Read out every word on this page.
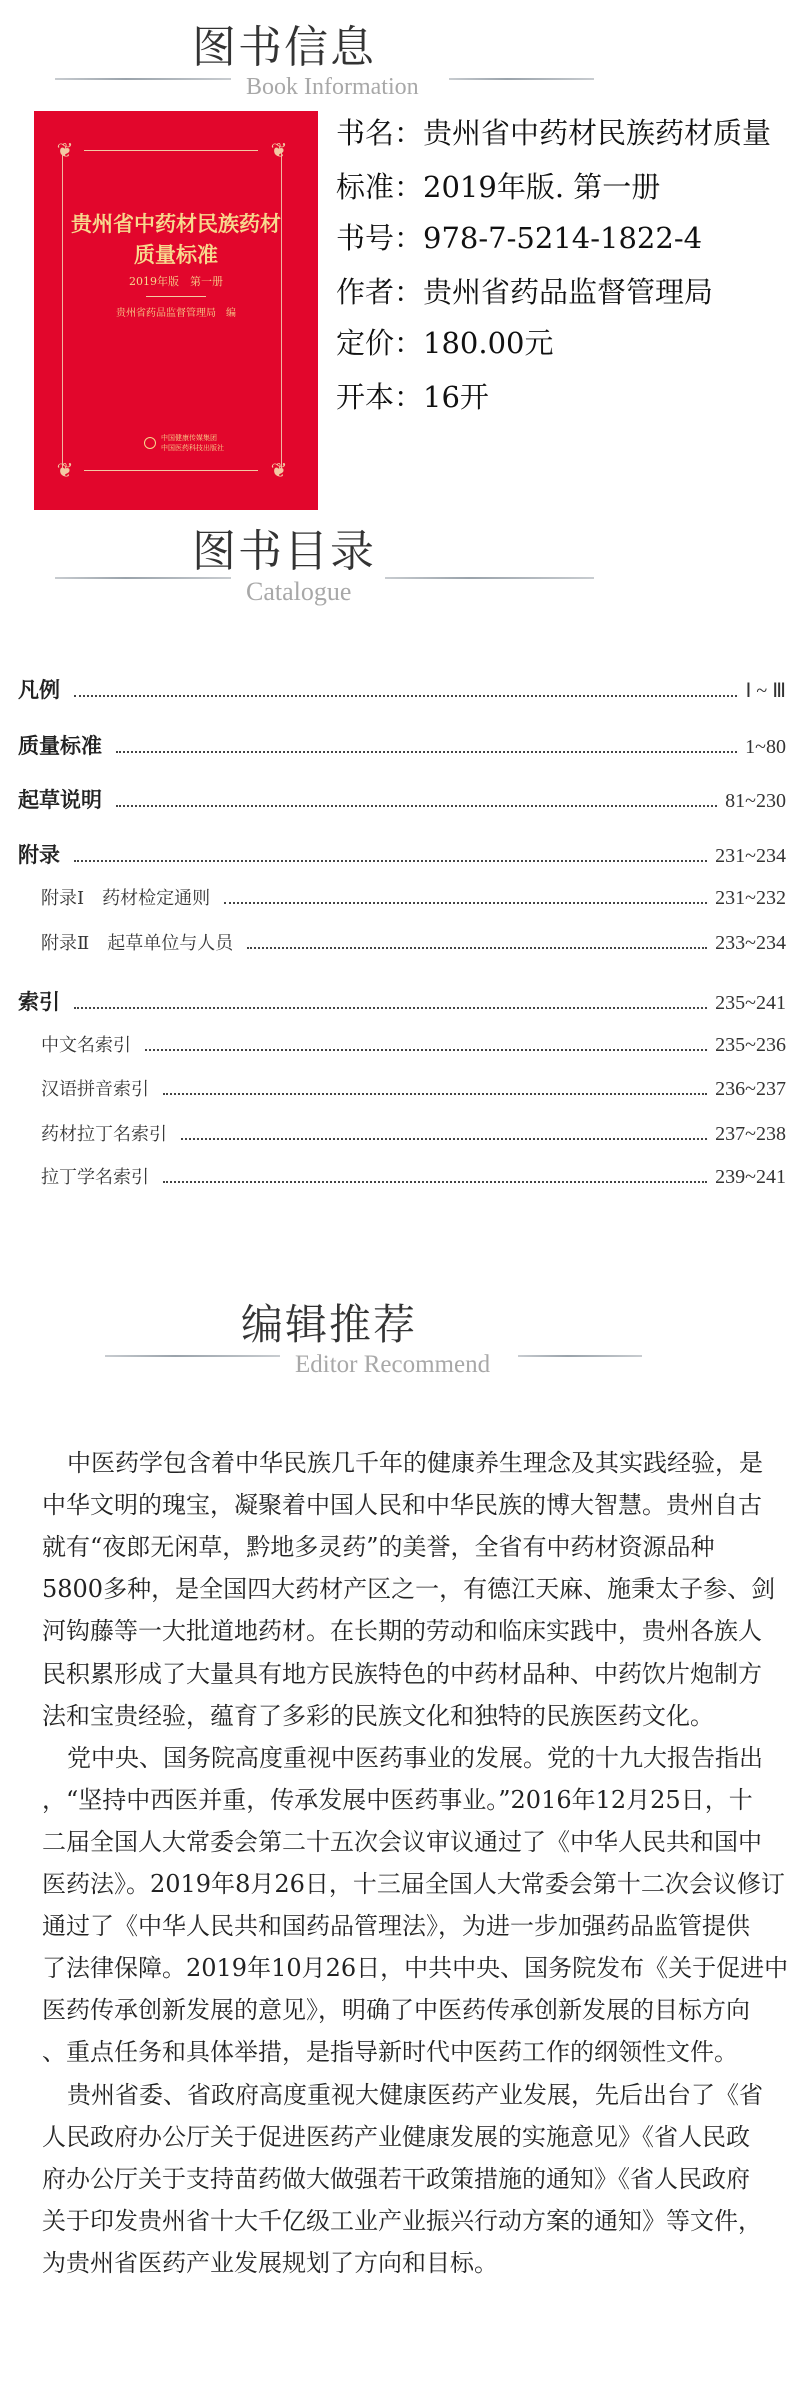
图书信息
Book Information
❦	❦
❦	❦
贵州省中药材民族药材
质量标准
2019年版　第一册
贵州省药品监督管理局　编
中国健康传媒集团
中国医药科技出版社
书名：贵州省中药材民族药材质量
标准：2019年版. 第一册
书号：978-7-5214-1822-4
作者：贵州省药品监督管理局
定价：180.00元
开本：16开
图书目录
Catalogue
凡例	Ⅰ ~ Ⅲ
质量标准	1~80
起草说明	81~230
附录	231~234
附录Ⅰ　药材检定通则	231~232
附录Ⅱ　起草单位与人员	233~234
索引	235~241
中文名索引	235~236
汉语拼音索引	236~237
药材拉丁名索引	237~238
拉丁学名索引	239~241
编辑推荐
Editor Recommend
中医药学包含着中华民族几千年的健康养生理念及其实践经验，是
中华文明的瑰宝，凝聚着中国人民和中华民族的博大智慧。贵州自古
就有“夜郎无闲草，黔地多灵药”的美誉，全省有中药材资源品种
5800多种，是全国四大药材产区之一，有德江天麻、施秉太子参、剑
河钩藤等一大批道地药材。在长期的劳动和临床实践中，贵州各族人
民积累形成了大量具有地方民族特色的中药材品种、中药饮片炮制方
法和宝贵经验，蕴育了多彩的民族文化和独特的民族医药文化。
党中央、国务院高度重视中医药事业的发展。党的十九大报告指出
，“坚持中西医并重，传承发展中医药事业。”2016年12月25日，十
二届全国人大常委会第二十五次会议审议通过了《中华人民共和国中
医药法》。2019年8月26日，十三届全国人大常委会第十二次会议修订
通过了《中华人民共和国药品管理法》，为进一步加强药品监管提供
了法律保障。2019年10月26日，中共中央、国务院发布《关于促进中
医药传承创新发展的意见》，明确了中医药传承创新发展的目标方向
、重点任务和具体举措，是指导新时代中医药工作的纲领性文件。
贵州省委、省政府高度重视大健康医药产业发展，先后出台了《省
人民政府办公厅关于促进医药产业健康发展的实施意见》《省人民政
府办公厅关于支持苗药做大做强若干政策措施的通知》《省人民政府
关于印发贵州省十大千亿级工业产业振兴行动方案的通知》等文件，
为贵州省医药产业发展规划了方向和目标。
